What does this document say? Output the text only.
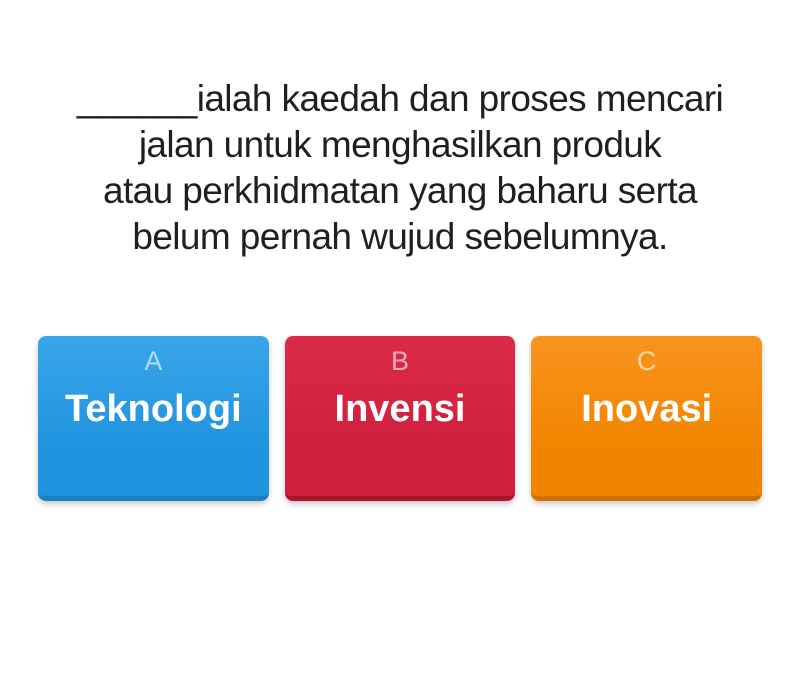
______ialah kaedah dan proses mencari
jalan untuk menghasilkan produk
atau perkhidmatan yang baharu serta
belum pernah wujud sebelumnya.
A
Teknologi
B
Invensi
C
Inovasi
